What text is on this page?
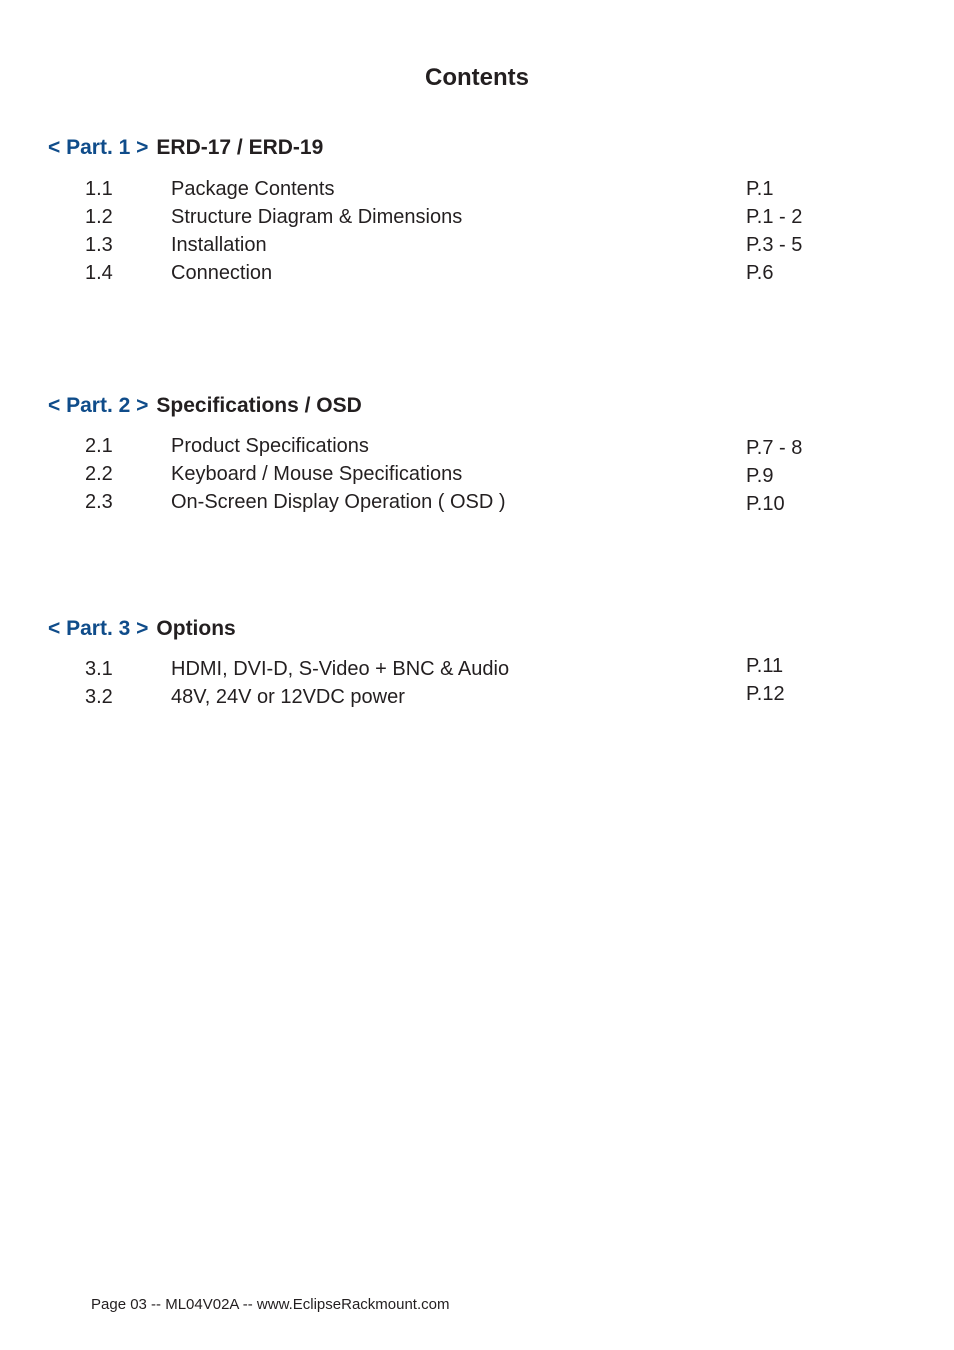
Contents
< Part. 1 > ERD-17 / ERD-19
1.1	Package Contents	P.1
1.2	Structure Diagram & Dimensions	P.1 - 2
1.3	Installation	P.3 - 5
1.4	Connection	P.6
< Part. 2 > Specifications / OSD
2.1	Product Specifications	P.7 - 8
2.2	Keyboard / Mouse Specifications	P.9
2.3	On-Screen Display Operation ( OSD )	P.10
< Part. 3 > Options
3.1	HDMI, DVI-D, S-Video + BNC & Audio	P.11
3.2	48V, 24V or 12VDC power	P.12
Page 03 -- ML04V02A -- www.EclipseRackmount.com
